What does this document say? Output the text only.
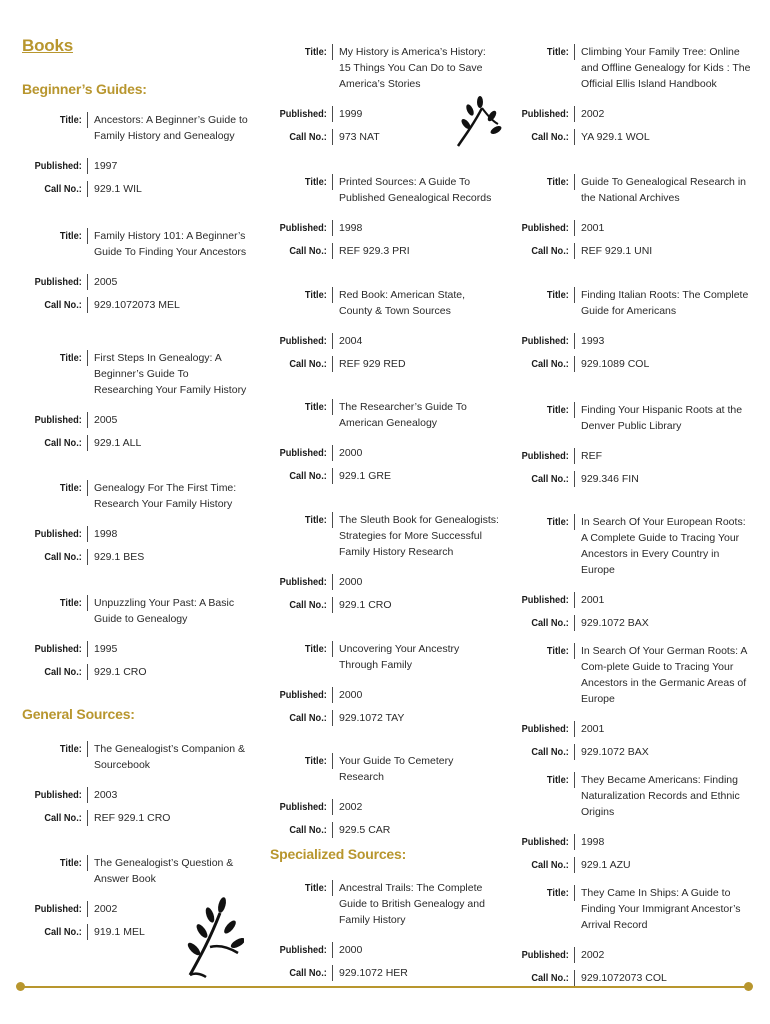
Books
Beginner’s Guides:
Title:	Ancestors: A Beginner’s Guide to Family History and Genealogy
Published:	1997
Call No.:	929.1 WIL
Title:	Family History 101: A Beginner’s Guide To Finding Your Ancestors
Published:	2005
Call No.:	929.1072073 MEL
Title:	First Steps In Genealogy: A Beginner’s Guide To Researching Your Family History
Published:	2005
Call No.:	929.1 ALL
Title:	Genealogy For The First Time: Research Your Family History
Published:	1998
Call No.:	929.1 BES
Title:	Unpuzzling Your Past: A Basic Guide to Genealogy
Published:	1995
Call No.:	929.1 CRO
General Sources:
Title:	The Genealogist’s Companion & Sourcebook
Published:	2003
Call No.:	REF 929.1 CRO
Title:	The Genealogist’s Question & Answer Book
Published:	2002
Call No.:	919.1 MEL
Title:	My History is America’s History: 15 Things You Can Do to Save America’s Stories
Published:	1999
Call No.:	973 NAT
Title:	Printed Sources: A Guide To Published Genealogical Records
Published:	1998
Call No.:	REF 929.3 PRI
Title:	Red Book: American State, County & Town Sources
Published:	2004
Call No.:	REF 929 RED
Title:	The Researcher’s Guide To American Genealogy
Published:	2000
Call No.:	929.1 GRE
Title:	The Sleuth Book for Genealogists: Strategies for More Successful Family History Research
Published:	2000
Call No.:	929.1 CRO
Title:	Uncovering Your Ancestry Through Family
Published:	2000
Call No.:	929.1072 TAY
Title:	Your Guide To Cemetery Research
Published:	2002
Call No.:	929.5 CAR
Specialized Sources:
Title:	Ancestral Trails: The Complete Guide to British Genealogy and Family History
Published:	2000
Call No.:	929.1072 HER
Title:	Climbing Your Family Tree: Online and Offline Genealogy for Kids : The Official Ellis Island Handbook
Published:	2002
Call No.:	YA 929.1 WOL
Title:	Guide To Genealogical Research in the National Archives
Published:	2001
Call No.:	REF 929.1 UNI
Title:	Finding Italian Roots: The Complete Guide for Americans
Published:	1993
Call No.:	929.1089 COL
Title:	Finding Your Hispanic Roots at the Denver Public Library
Published:	REF
Call No.:	929.346 FIN
Title:	In Search Of Your European Roots: A Complete Guide to Tracing Your Ancestors in Every Country in Europe
Published:	2001
Call No.:	929.1072 BAX
Title:	In Search Of Your German Roots: A Com-plete Guide to Tracing Your Ancestors in the Germanic Areas of Europe
Published:	2001
Call No.:	929.1072 BAX
Title:	They Became Americans: Finding Naturalization Records and Ethnic Origins
Published:	1998
Call No.:	929.1 AZU
Title:	They Came In Ships: A Guide to Finding Your Immigrant Ancestor’s Arrival Record
Published:	2002
Call No.:	929.1072073 COL
